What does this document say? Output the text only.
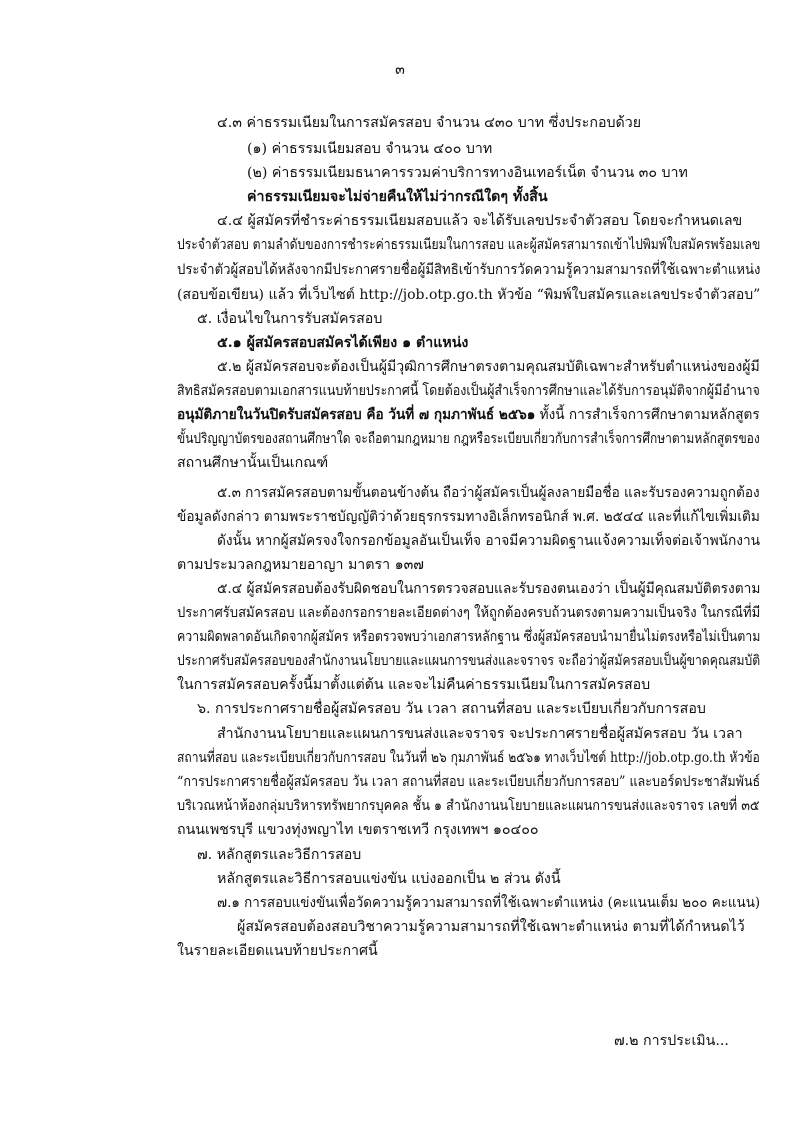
๓
๔.๓ ค่าธรรมเนียมในการสมัครสอบ จำนวน ๔๓๐ บาท ซึ่งประกอบด้วย
(๑) ค่าธรรมเนียมสอบ จำนวน ๔๐๐ บาท
(๒) ค่าธรรมเนียมธนาคารรวมค่าบริการทางอินเทอร์เน็ต จำนวน ๓๐ บาท
ค่าธรรมเนียมจะไม่จ่ายคืนให้ไม่ว่ากรณีใดๆ ทั้งสิ้น
๔.๔ ผู้สมัครที่ชำระค่าธรรมเนียมสอบแล้ว จะได้รับเลขประจำตัวสอบ โดยจะกำหนดเลข
ประจำตัวสอบ ตามลำดับของการชำระค่าธรรมเนียมในการสอบ และผู้สมัครสามารถเข้าไปพิมพ์ใบสมัครพร้อมเลข
ประจำตัวผู้สอบได้หลังจากมีประกาศรายชื่อผู้มีสิทธิเข้ารับการวัดความรู้ความสามารถที่ใช้เฉพาะตำแหน่ง
(สอบข้อเขียน) แล้ว ที่เว็บไซต์ http://job.otp.go.th หัวข้อ “พิมพ์ใบสมัครและเลขประจำตัวสอบ”
๕. เงื่อนไขในการรับสมัครสอบ
๕.๑ ผู้สมัครสอบสมัครได้เพียง ๑ ตำแหน่ง
๕.๒ ผู้สมัครสอบจะต้องเป็นผู้มีวุฒิการศึกษาตรงตามคุณสมบัติเฉพาะสำหรับตำแหน่งของผู้มี
สิทธิสมัครสอบตามเอกสารแนบท้ายประกาศนี้ โดยต้องเป็นผู้สำเร็จการศึกษาและได้รับการอนุมัติจากผู้มีอำนาจ
อนุมัติภายในวันปิดรับสมัครสอบ คือ วันที่ ๗ กุมภาพันธ์ ๒๕๖๑ ทั้งนี้ การสำเร็จการศึกษาตามหลักสูตร
ขั้นปริญญาบัตรของสถานศึกษาใด จะถือตามกฎหมาย กฎหรือระเบียบเกี่ยวกับการสำเร็จการศึกษาตามหลักสูตรของ
สถานศึกษานั้นเป็นเกณฑ์
๕.๓ การสมัครสอบตามขั้นตอนข้างต้น ถือว่าผู้สมัครเป็นผู้ลงลายมือชื่อ และรับรองความถูกต้อง
ข้อมูลดังกล่าว ตามพระราชบัญญัติว่าด้วยธุรกรรมทางอิเล็กทรอนิกส์ พ.ศ. ๒๕๔๔ และที่แก้ไขเพิ่มเติม
ดังนั้น หากผู้สมัครจงใจกรอกข้อมูลอันเป็นเท็จ อาจมีความผิดฐานแจ้งความเท็จต่อเจ้าพนักงาน
ตามประมวลกฎหมายอาญา มาตรา ๑๓๗
๕.๔ ผู้สมัครสอบต้องรับผิดชอบในการตรวจสอบและรับรองตนเองว่า เป็นผู้มีคุณสมบัติตรงตาม
ประกาศรับสมัครสอบ และต้องกรอกรายละเอียดต่างๆ ให้ถูกต้องครบถ้วนตรงตามความเป็นจริง ในกรณีที่มี
ความผิดพลาดอันเกิดจากผู้สมัคร หรือตรวจพบว่าเอกสารหลักฐาน ซึ่งผู้สมัครสอบนำมายื่นไม่ตรงหรือไม่เป็นตาม
ประกาศรับสมัครสอบของสำนักงานนโยบายและแผนการขนส่งและจราจร จะถือว่าผู้สมัครสอบเป็นผู้ขาดคุณสมบัติ
ในการสมัครสอบครั้งนี้มาตั้งแต่ต้น และจะไม่คืนค่าธรรมเนียมในการสมัครสอบ
๖. การประกาศรายชื่อผู้สมัครสอบ วัน เวลา สถานที่สอบ และระเบียบเกี่ยวกับการสอบ
สำนักงานนโยบายและแผนการขนส่งและจราจร จะประกาศรายชื่อผู้สมัครสอบ วัน เวลา
สถานที่สอบ และระเบียบเกี่ยวกับการสอบ ในวันที่ ๒๖ กุมภาพันธ์ ๒๕๖๑ ทางเว็บไซต์ http://job.otp.go.th หัวข้อ
“การประกาศรายชื่อผู้สมัครสอบ วัน เวลา สถานที่สอบ และระเบียบเกี่ยวกับการสอบ” และบอร์ดประชาสัมพันธ์
บริเวณหน้าห้องกลุ่มบริหารทรัพยากรบุคคล ชั้น ๑ สำนักงานนโยบายและแผนการขนส่งและจราจร เลขที่ ๓๕
ถนนเพชรบุรี แขวงทุ่งพญาไท เขตราชเทวี กรุงเทพฯ ๑๐๔๐๐
๗. หลักสูตรและวิธีการสอบ
หลักสูตรและวิธีการสอบแข่งขัน แบ่งออกเป็น ๒ ส่วน ดังนี้
๗.๑ การสอบแข่งขันเพื่อวัดความรู้ความสามารถที่ใช้เฉพาะตำแหน่ง (คะแนนเต็ม ๒๐๐ คะแนน)
ผู้สมัครสอบต้องสอบวิชาความรู้ความสามารถที่ใช้เฉพาะตำแหน่ง ตามที่ได้กำหนดไว้
ในรายละเอียดแนบท้ายประกาศนี้
๗.๒ การประเมิน...
